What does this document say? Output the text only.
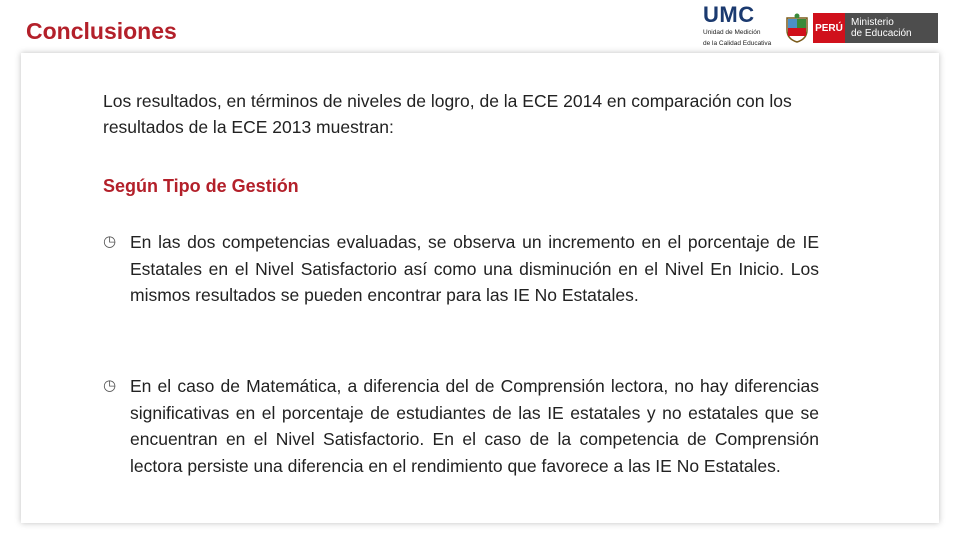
Conclusiones
UMC
Unidad de Medición
de la Calidad Educativa
PERÚ Ministerio
de Educación
Los resultados, en términos de niveles de logro, de la ECE 2014 en comparación con los resultados de la ECE 2013 muestran:
Según Tipo de Gestión
◷ En las dos competencias evaluadas, se observa un incremento en el porcentaje de IE Estatales en el Nivel Satisfactorio así como una disminución en el Nivel En Inicio. Los mismos resultados se pueden encontrar para las IE No Estatales.
◷ En el caso de Matemática, a diferencia del de Comprensión lectora, no hay diferencias significativas en el porcentaje de estudiantes de las IE estatales y no estatales que se encuentran en el Nivel Satisfactorio. En el caso de la competencia de Comprensión lectora persiste una diferencia en el rendimiento que favorece a las IE No Estatales.
